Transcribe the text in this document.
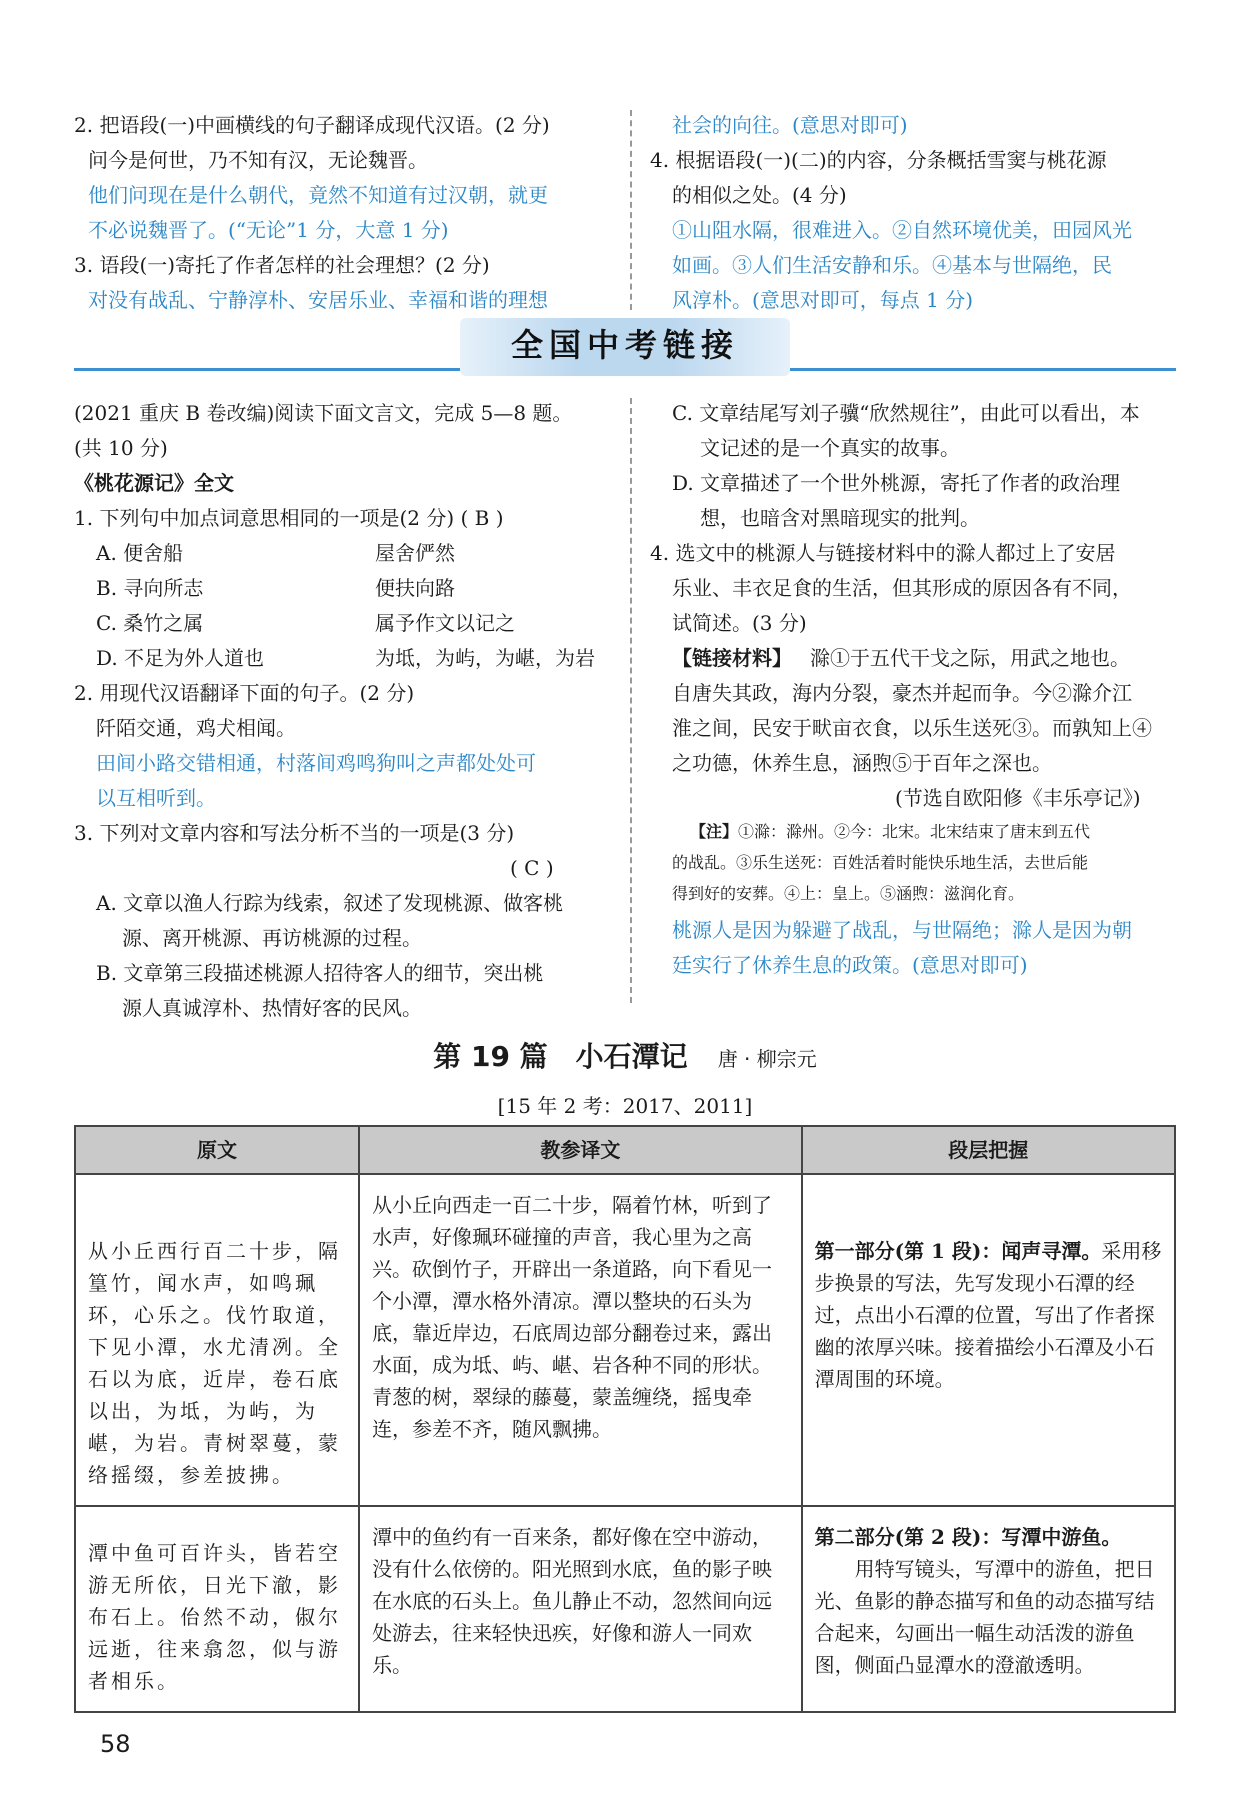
2. 把语段(一)中画横线的句子翻译成现代汉语。(2 分)
问今是何世，乃不知有汉，无论魏晋。
他们问现在是什么朝代，竟然不知道有过汉朝，就更
不必说魏晋了。(“无论”1 分，大意 1 分)
3. 语段(一)寄托了作者怎样的社会理想？(2 分)
对没有战乱、宁静淳朴、安居乐业、幸福和谐的理想
社会的向往。(意思对即可)
4. 根据语段(一)(二)的内容，分条概括雪窦与桃花源
的相似之处。(4 分)
①山阻水隔，很难进入。②自然环境优美，田园风光
如画。③人们生活安静和乐。④基本与世隔绝，民
风淳朴。(意思对即可，每点 1 分)
全国中考链接
(2021 重庆 B 卷改编)阅读下面文言文，完成 5—8 题。
(共 10 分)
《桃花源记》全文
1. 下列句中加点词意思相同的一项是(2 分) ( B )
A. 便舍船	屋舍俨然
B. 寻向所志	便扶向路
C. 桑竹之属	属予作文以记之
D. 不足为外人道也	为坻，为屿，为嵁，为岩
2. 用现代汉语翻译下面的句子。(2 分)
阡陌交通，鸡犬相闻。
田间小路交错相通，村落间鸡鸣狗叫之声都处处可
以互相听到。
3. 下列对文章内容和写法分析不当的一项是(3 分)
( C )
A. 文章以渔人行踪为线索，叙述了发现桃源、做客桃
源、离开桃源、再访桃源的过程。
B. 文章第三段描述桃源人招待客人的细节，突出桃
源人真诚淳朴、热情好客的民风。
C. 文章结尾写刘子骥“欣然规往”，由此可以看出，本
文记述的是一个真实的故事。
D. 文章描述了一个世外桃源，寄托了作者的政治理
想，也暗含对黑暗现实的批判。
4. 选文中的桃源人与链接材料中的滁人都过上了安居
乐业、丰衣足食的生活，但其形成的原因各有不同，
试简述。(3 分)
【链接材料】 滁①于五代干戈之际，用武之地也。
自唐失其政，海内分裂，豪杰并起而争。今②滁介江
淮之间，民安于畎亩衣食，以乐生送死③。而孰知上④
之功德，休养生息，涵煦⑤于百年之深也。
(节选自欧阳修《丰乐亭记》)
【注】 ①滁：滁州。②今：北宋。北宋结束了唐末到五代
的战乱。③乐生送死：百姓活着时能快乐地生活，去世后能
得到好的安葬。④上：皇上。⑤涵煦：滋润化育。
桃源人是因为躲避了战乱，与世隔绝；滁人是因为朝
廷实行了休养生息的政策。(意思对即可)
第 19 篇　小石潭记 唐 · 柳宗元
[15 年 2 考：2017、2011]
原文	教参译文	段层把握
从小丘西行百二十步，隔篁竹，闻水声，如鸣珮环，心乐之。伐竹取道，下见小潭，水尤清冽。全石以为底，近岸，卷石底以出，为坻，为屿，为嵁，为岩。青树翠蔓，蒙络摇缀，参差披拂。	从小丘向西走一百二十步，隔着竹林，听到了水声，好像珮环碰撞的声音，我心里为之高兴。砍倒竹子，开辟出一条道路，向下看见一个小潭，潭水格外清凉。潭以整块的石头为底，靠近岸边，石底周边部分翻卷过来，露出水面，成为坻、屿、嵁、岩各种不同的形状。青葱的树，翠绿的藤蔓，蒙盖缠绕，摇曳牵连，参差不齐，随风飘拂。	第一部分(第 1 段)：闻声寻潭。采用移步换景的写法，先写发现小石潭的经过，点出小石潭的位置，写出了作者探幽的浓厚兴味。接着描绘小石潭及小石潭周围的环境。
潭中鱼可百许头，皆若空游无所依，日光下澈，影布石上。佁然不动，俶尔远逝，往来翕忽，似与游者相乐。	潭中的鱼约有一百来条，都好像在空中游动，没有什么依傍的。阳光照到水底，鱼的影子映在水底的石头上。鱼儿静止不动，忽然间向远处游去，往来轻快迅疾，好像和游人一同欢乐。	第二部分(第 2 段)：写潭中游鱼。
用特写镜头，写潭中的游鱼，把日光、鱼影的静态描写和鱼的动态描写结合起来，勾画出一幅生动活泼的游鱼图，侧面凸显潭水的澄澈透明。
58
